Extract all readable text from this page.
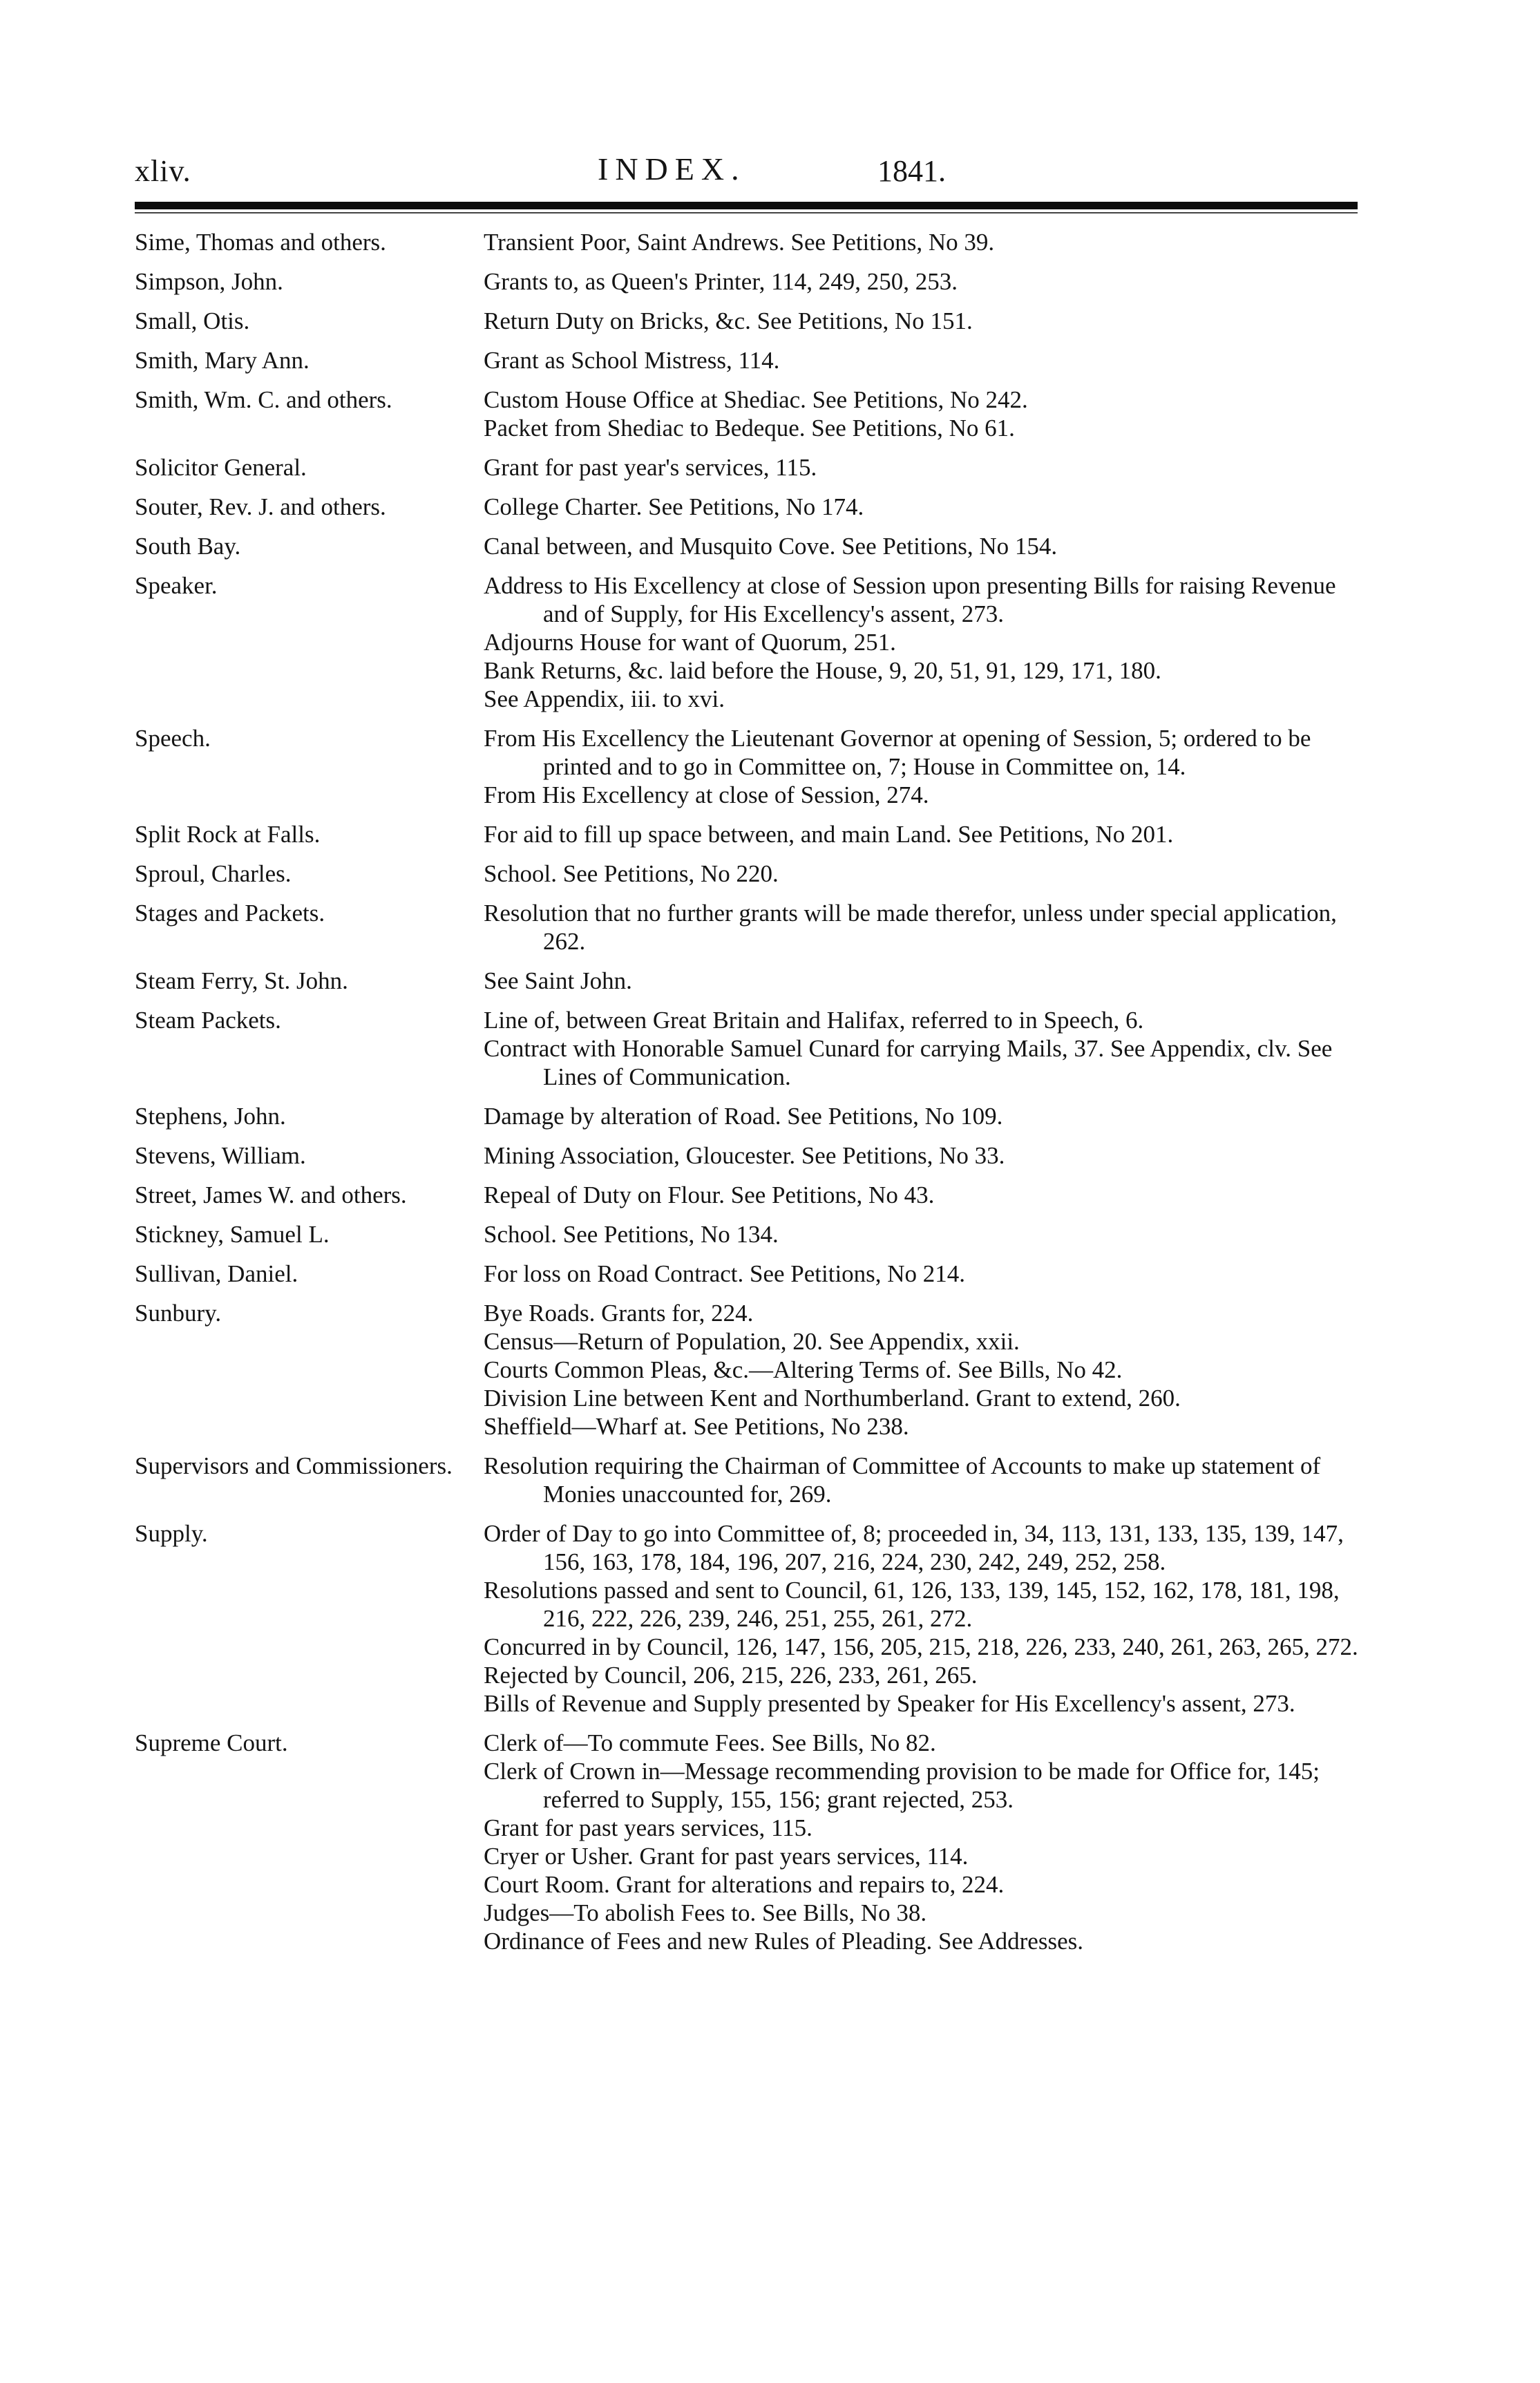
xliv.	INDEX.	1841.
Sime, Thomas and others.	Transient Poor, Saint Andrews. See Petitions, No 39.
Simpson, John.	Grants to, as Queen's Printer, 114, 249, 250, 253.
Small, Otis.	Return Duty on Bricks, &c. See Petitions, No 151.
Smith, Mary Ann.	Grant as School Mistress, 114.
Smith, Wm. C. and others.	Custom House Office at Shediac. See Petitions, No 242.
Packet from Shediac to Bedeque. See Petitions, No 61.
Solicitor General.	Grant for past year's services, 115.
Souter, Rev. J. and others.	College Charter. See Petitions, No 174.
South Bay.	Canal between, and Musquito Cove. See Petitions, No 154.
Speaker.	Address to His Excellency at close of Session upon presenting Bills for raising Revenue and of Supply, for His Excellency's assent, 273.
Adjourns House for want of Quorum, 251.
Bank Returns, &c. laid before the House, 9, 20, 51, 91, 129, 171, 180.
See Appendix, iii. to xvi.
Speech.	From His Excellency the Lieutenant Governor at opening of Session, 5; ordered to be printed and to go in Committee on, 7; House in Committee on, 14.
From His Excellency at close of Session, 274.
Split Rock at Falls.	For aid to fill up space between, and main Land. See Petitions, No 201.
Sproul, Charles.	School. See Petitions, No 220.
Stages and Packets.	Resolution that no further grants will be made therefor, unless under special application, 262.
Steam Ferry, St. John.	See Saint John.
Steam Packets.	Line of, between Great Britain and Halifax, referred to in Speech, 6.
Contract with Honorable Samuel Cunard for carrying Mails, 37. See Appendix, clv. See Lines of Communication.
Stephens, John.	Damage by alteration of Road. See Petitions, No 109.
Stevens, William.	Mining Association, Gloucester. See Petitions, No 33.
Street, James W. and others.	Repeal of Duty on Flour. See Petitions, No 43.
Stickney, Samuel L.	School. See Petitions, No 134.
Sullivan, Daniel.	For loss on Road Contract. See Petitions, No 214.
Sunbury.	Bye Roads. Grants for, 224.
Census—Return of Population, 20. See Appendix, xxii.
Courts Common Pleas, &c.—Altering Terms of. See Bills, No 42.
Division Line between Kent and Northumberland. Grant to extend, 260.
Sheffield—Wharf at. See Petitions, No 238.
Supervisors and Commissioners.	Resolution requiring the Chairman of Committee of Accounts to make up statement of Monies unaccounted for, 269.
Supply.	Order of Day to go into Committee of, 8; proceeded in, 34, 113, 131, 133, 135, 139, 147, 156, 163, 178, 184, 196, 207, 216, 224, 230, 242, 249, 252, 258.
Resolutions passed and sent to Council, 61, 126, 133, 139, 145, 152, 162, 178, 181, 198, 216, 222, 226, 239, 246, 251, 255, 261, 272.
Concurred in by Council, 126, 147, 156, 205, 215, 218, 226, 233, 240, 261, 263, 265, 272.
Rejected by Council, 206, 215, 226, 233, 261, 265.
Bills of Revenue and Supply presented by Speaker for His Excellency's assent, 273.
Supreme Court.	Clerk of—To commute Fees. See Bills, No 82.
Clerk of Crown in—Message recommending provision to be made for Office for, 145; referred to Supply, 155, 156; grant rejected, 253.
Grant for past years services, 115.
Cryer or Usher. Grant for past years services, 114.
Court Room. Grant for alterations and repairs to, 224.
Judges—To abolish Fees to. See Bills, No 38.
Ordinance of Fees and new Rules of Pleading. See Addresses.
